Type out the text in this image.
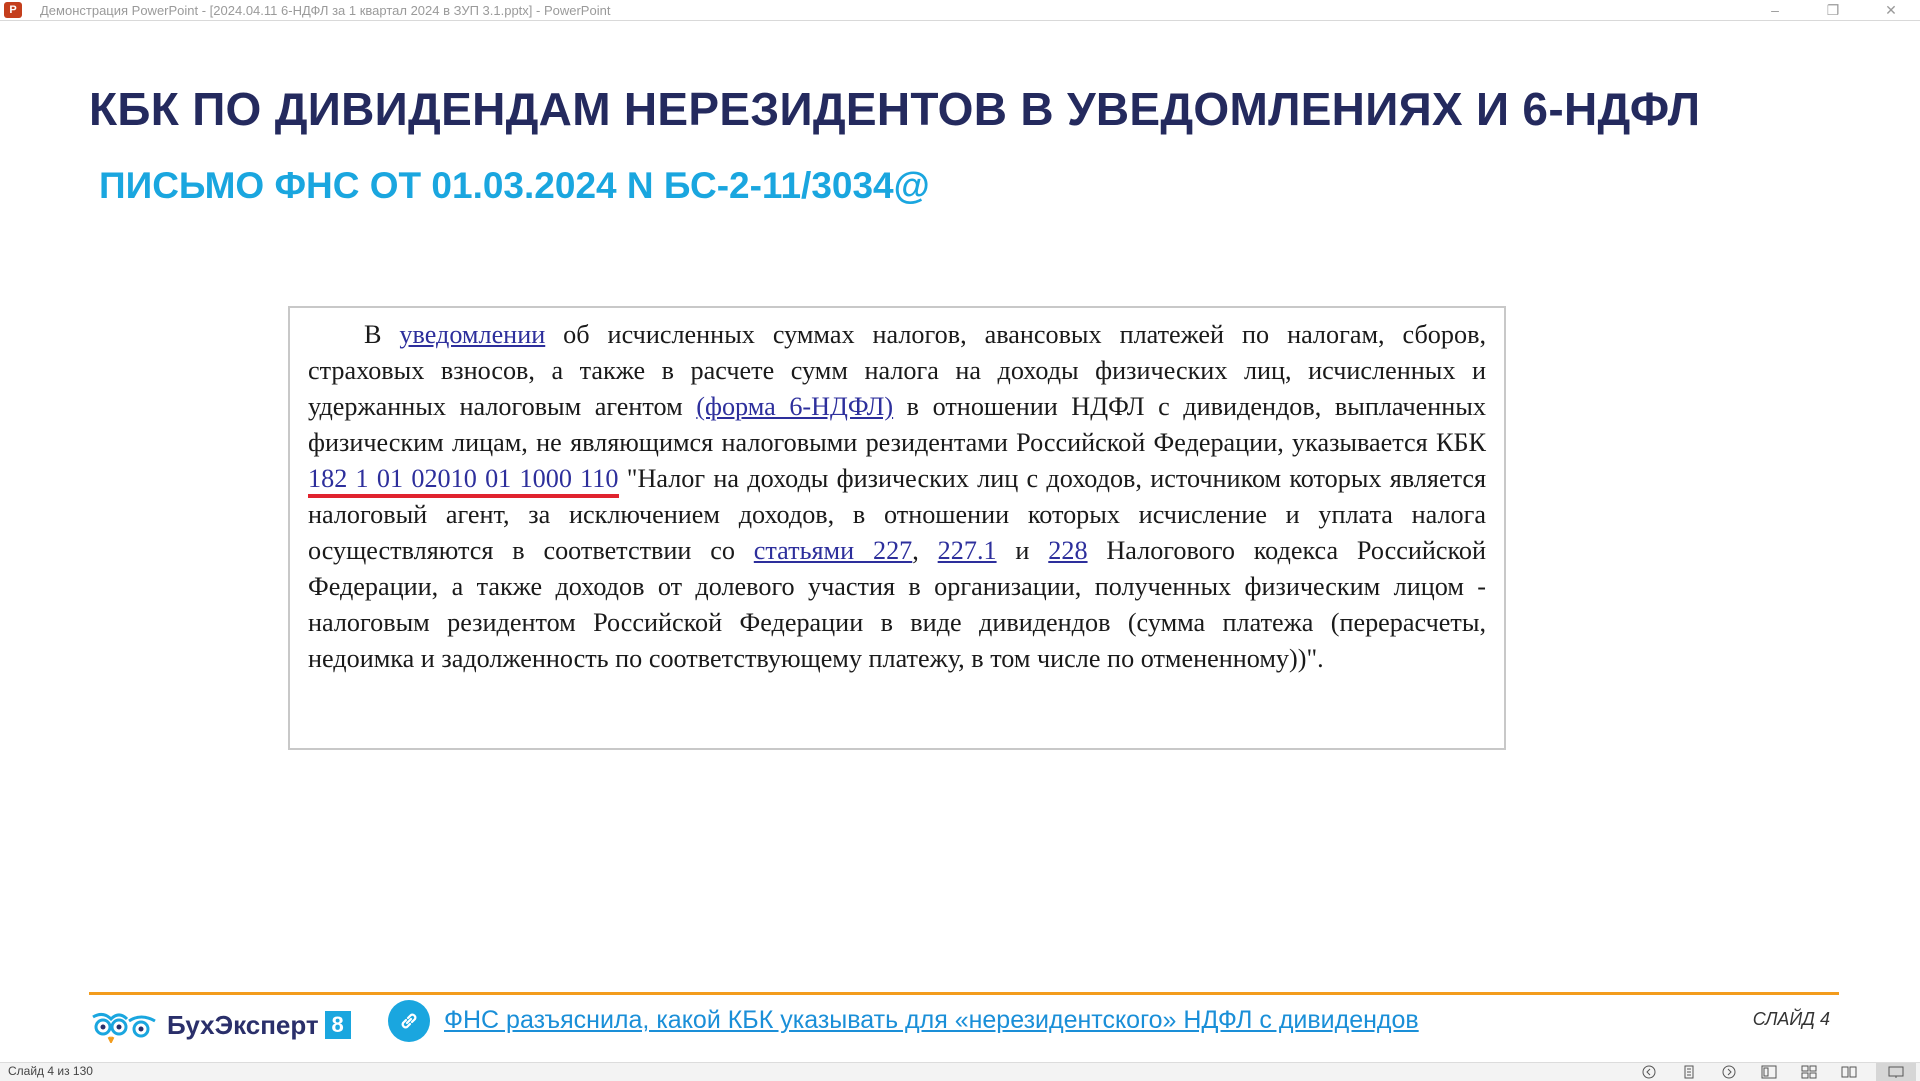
P	Демонстрация PowerPoint - [2024.04.11 6-НДФЛ за 1 квартал 2024 в ЗУП 3.1.pptx] - PowerPoint	–	❐	✕
КБК ПО ДИВИДЕНДАМ НЕРЕЗИДЕНТОВ В УВЕДОМЛЕНИЯХ И 6-НДФЛ
ПИСЬМО ФНС ОТ 01.03.2024 N БС-2-11/3034@

В уведомлении об исчисленных суммах налогов, авансовых платежей по налогам, сборов, страховых взносов, а также в расчете сумм налога на доходы физических лиц, исчисленных и удержанных налоговым агентом (форма 6-НДФЛ) в отношении НДФЛ с дивидендов, выплаченных физическим лицам, не являющимся налоговыми резидентами Российской Федерации, указывается КБК 182 1 01 02010 01 1000 110 "Налог на доходы физических лиц с доходов, источником которых является налоговый агент, за исключением доходов, в отношении которых исчисление и уплата налога осуществляются в соответствии со статьями 227, 227.1 и 228 Налогового кодекса Российской Федерации, а также доходов от долевого участия в организации, полученных физическим лицом - налоговым резидентом Российской Федерации в виде дивидендов (сумма платежа (перерасчеты, недоимка и задолженность по соответствующему платежу, в том числе по отмененному))".

БухЭксперт 8	ФНС разъяснила, какой КБК указывать для «нерезидентского» НДФЛ с дивидендов	СЛАЙД 4
Слайд 4 из 130
